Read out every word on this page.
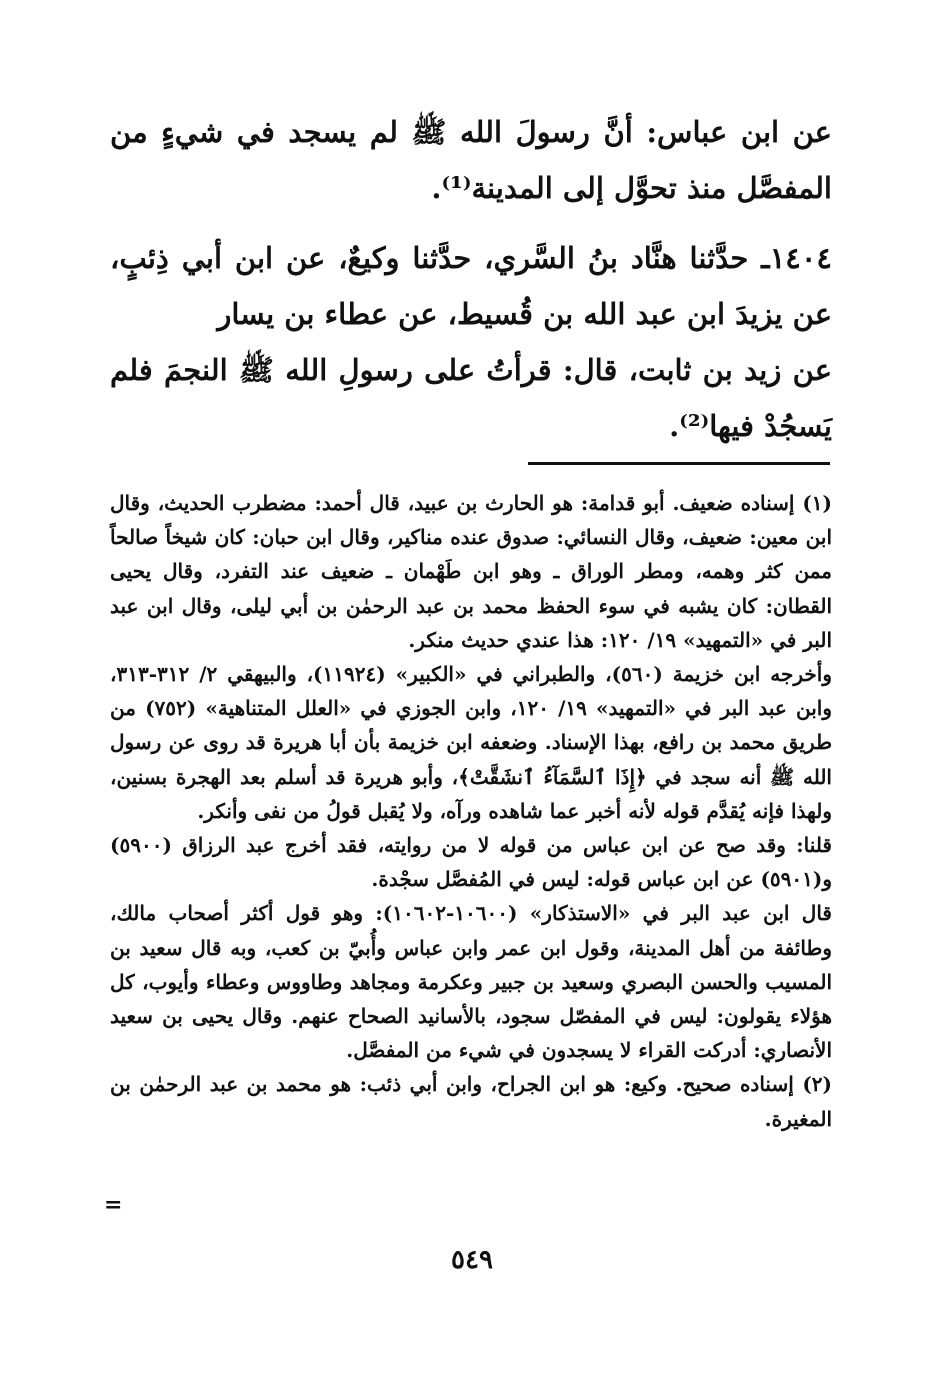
عن ابن عباس: أنَّ رسولَ الله ﷺ لم يسجد في شيءٍ من المفصَّل منذ تحوَّل إلى المدينة⁽¹⁾.

١٤٠٤ـ حدَّثنا هنَّاد بنُ السَّري، حدَّثنا وكيعٌ، عن ابن أبي ذِئبٍ، عن يزيدَ ابن عبد الله بن قُسيط، عن عطاء بن يسار

عن زيد بن ثابت، قال: قرأتُ على رسولِ الله ﷺ النجمَ فلم يَسجُدْ فيها⁽²⁾.

(١) إسناده ضعيف. أبو قدامة: هو الحارث بن عبيد، قال أحمد: مضطرب الحديث، وقال ابن معين: ضعيف، وقال النسائي: صدوق عنده مناكير، وقال ابن حبان: كان شيخاً صالحاً ممن كثر وهمه، ومطر الوراق ـ وهو ابن طَهْمان ـ ضعيف عند التفرد، وقال يحيى القطان: كان يشبه في سوء الحفظ محمد بن عبد الرحمٰن بن أبي ليلى، وقال ابن عبد البر في «التمهيد» ١٩/ ١٢٠: هذا عندي حديث منكر.

وأخرجه ابن خزيمة (٥٦٠)، والطبراني في «الكبير» (١١٩٢٤)، والبيهقي ٢/ ٣١٢-٣١٣، وابن عبد البر في «التمهيد» ١٩/ ١٢٠، وابن الجوزي في «العلل المتناهية» (٧٥٢) من طريق محمد بن رافع، بهذا الإسناد. وضعفه ابن خزيمة بأن أبا هريرة قد روى عن رسول الله ﷺ أنه سجد في ﴿إِذَا ٱلسَّمَآءُ ٱنشَقَّتْ﴾، وأبو هريرة قد أسلم بعد الهجرة بسنين، ولهذا فإنه يُقدَّم قوله لأنه أخبر عما شاهده ورآه، ولا يُقبل قولُ من نفى وأنكر.

قلنا: وقد صح عن ابن عباس من قوله لا من روايته، فقد أخرج عبد الرزاق (٥٩٠٠) و(٥٩٠١) عن ابن عباس قوله: ليس في المُفصَّل سجْدة.

قال ابن عبد البر في «الاستذكار» (١٠٦٠٠-١٠٦٠٢): وهو قول أكثر أصحاب مالك، وطائفة من أهل المدينة، وقول ابن عمر وابن عباس وأُبيّ بن كعب، وبه قال سعيد بن المسيب والحسن البصري وسعيد بن جبير وعكرمة ومجاهد وطاووس وعطاء وأيوب، كل هؤلاء يقولون: ليس في المفصّل سجود، بالأسانيد الصحاح عنهم. وقال يحيى بن سعيد الأنصاري: أدركت القراء لا يسجدون في شيء من المفصَّل.

(٢) إسناده صحيح. وكيع: هو ابن الجراح، وابن أبي ذئب: هو محمد بن عبد الرحمٰن بن المغيرة.

=
٥٤٩
